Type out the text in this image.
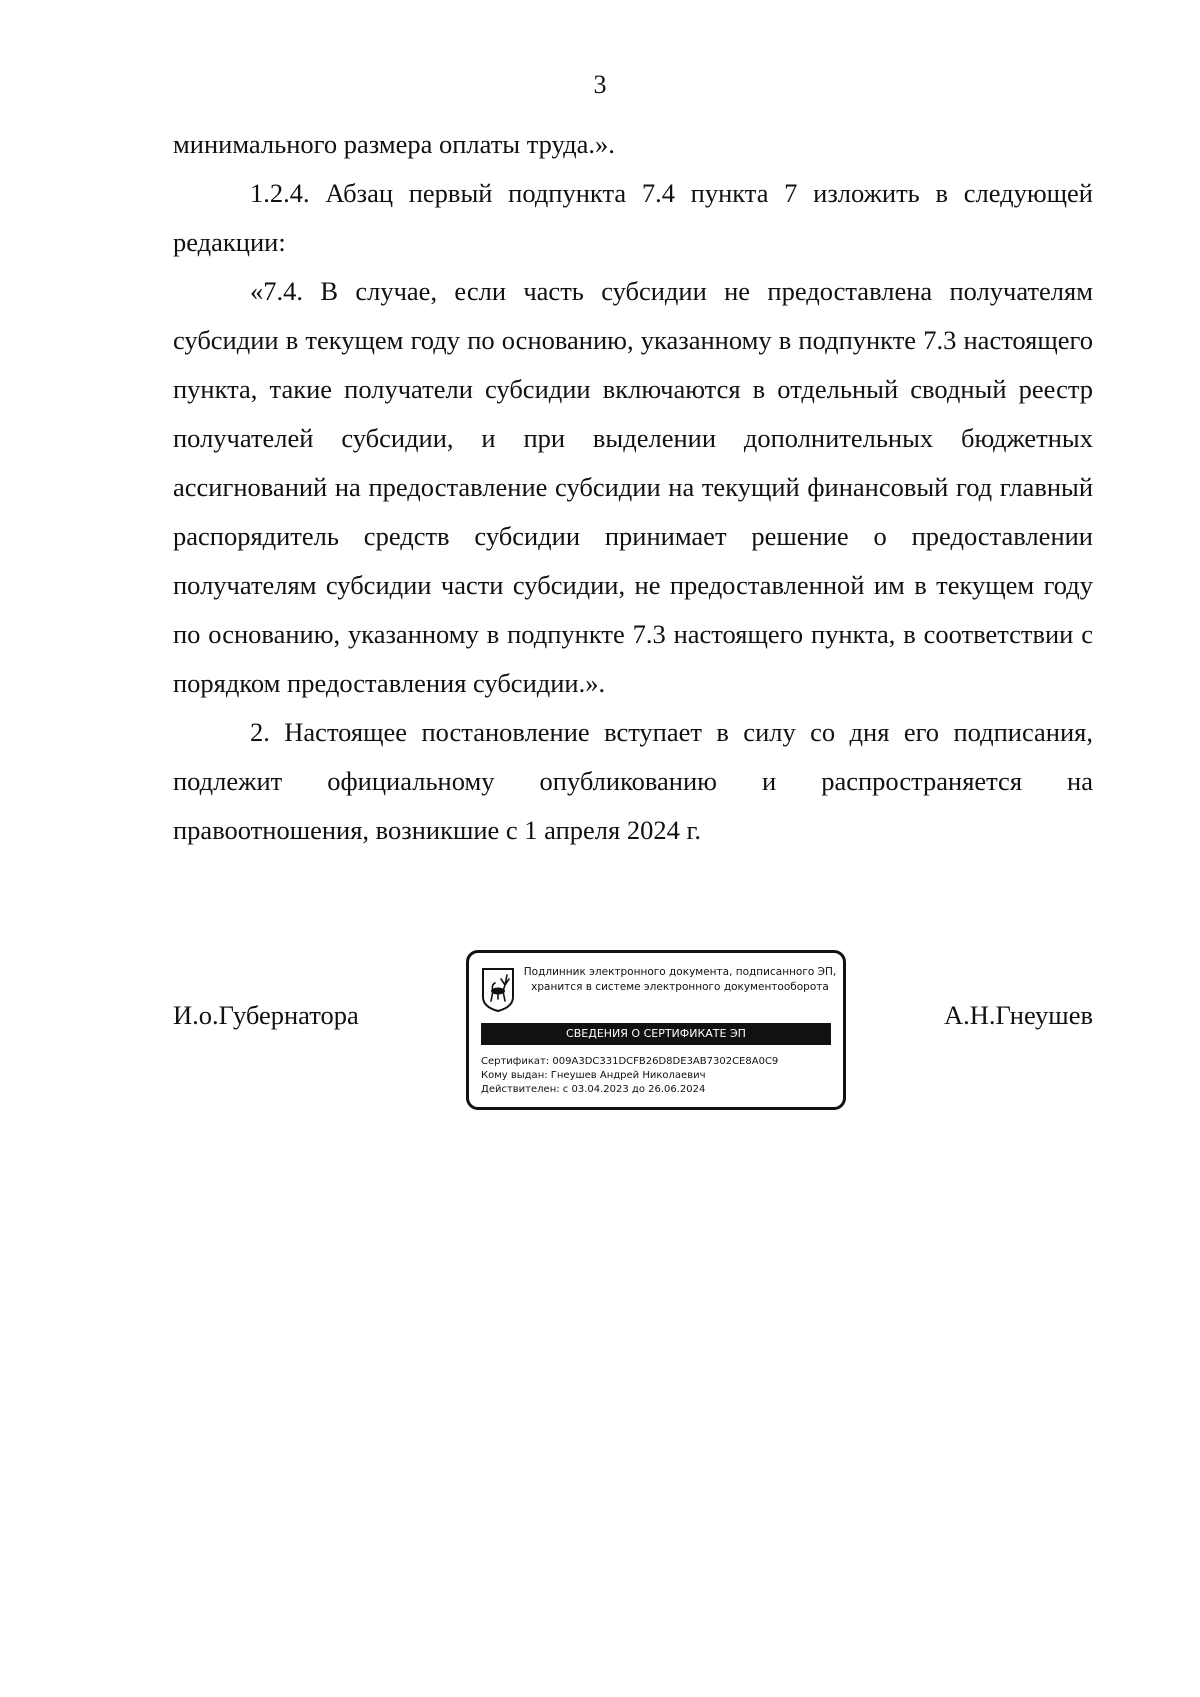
3

минимального размера оплаты труда.».

1.2.4. Абзац первый подпункта 7.4 пункта 7 изложить в следующей редакции:

«7.4. В случае, если часть субсидии не предоставлена получателям субсидии в текущем году по основанию, указанному в подпункте 7.3 настоящего пункта, такие получатели субсидии включаются в отдельный сводный реестр получателей субсидии, и при выделении дополнительных бюджетных ассигнований на предоставление субсидии на текущий финансовый год главный распорядитель средств субсидии принимает решение о предоставлении получателям субсидии части субсидии, не предоставленной им в текущем году по основанию, указанному в подпункте 7.3 настоящего пункта, в соответствии с порядком предоставления субсидии.».

2. Настоящее постановление вступает в силу со дня его подписания, подлежит официальному опубликованию и распространяется на правоотношения, возникшие с 1 апреля 2024 г.

И.о.Губернатора
Подлинник электронного документа, подписанного ЭП,
хранится в системе электронного документооборота
СВЕДЕНИЯ О СЕРТИФИКАТЕ ЭП
Сертификат: 009A3DC331DCFB26D8DE3AB7302CE8A0C9
Кому выдан: Гнеушев Андрей Николаевич
Действителен: с 03.04.2023 до 26.06.2024
А.Н.Гнеушев
